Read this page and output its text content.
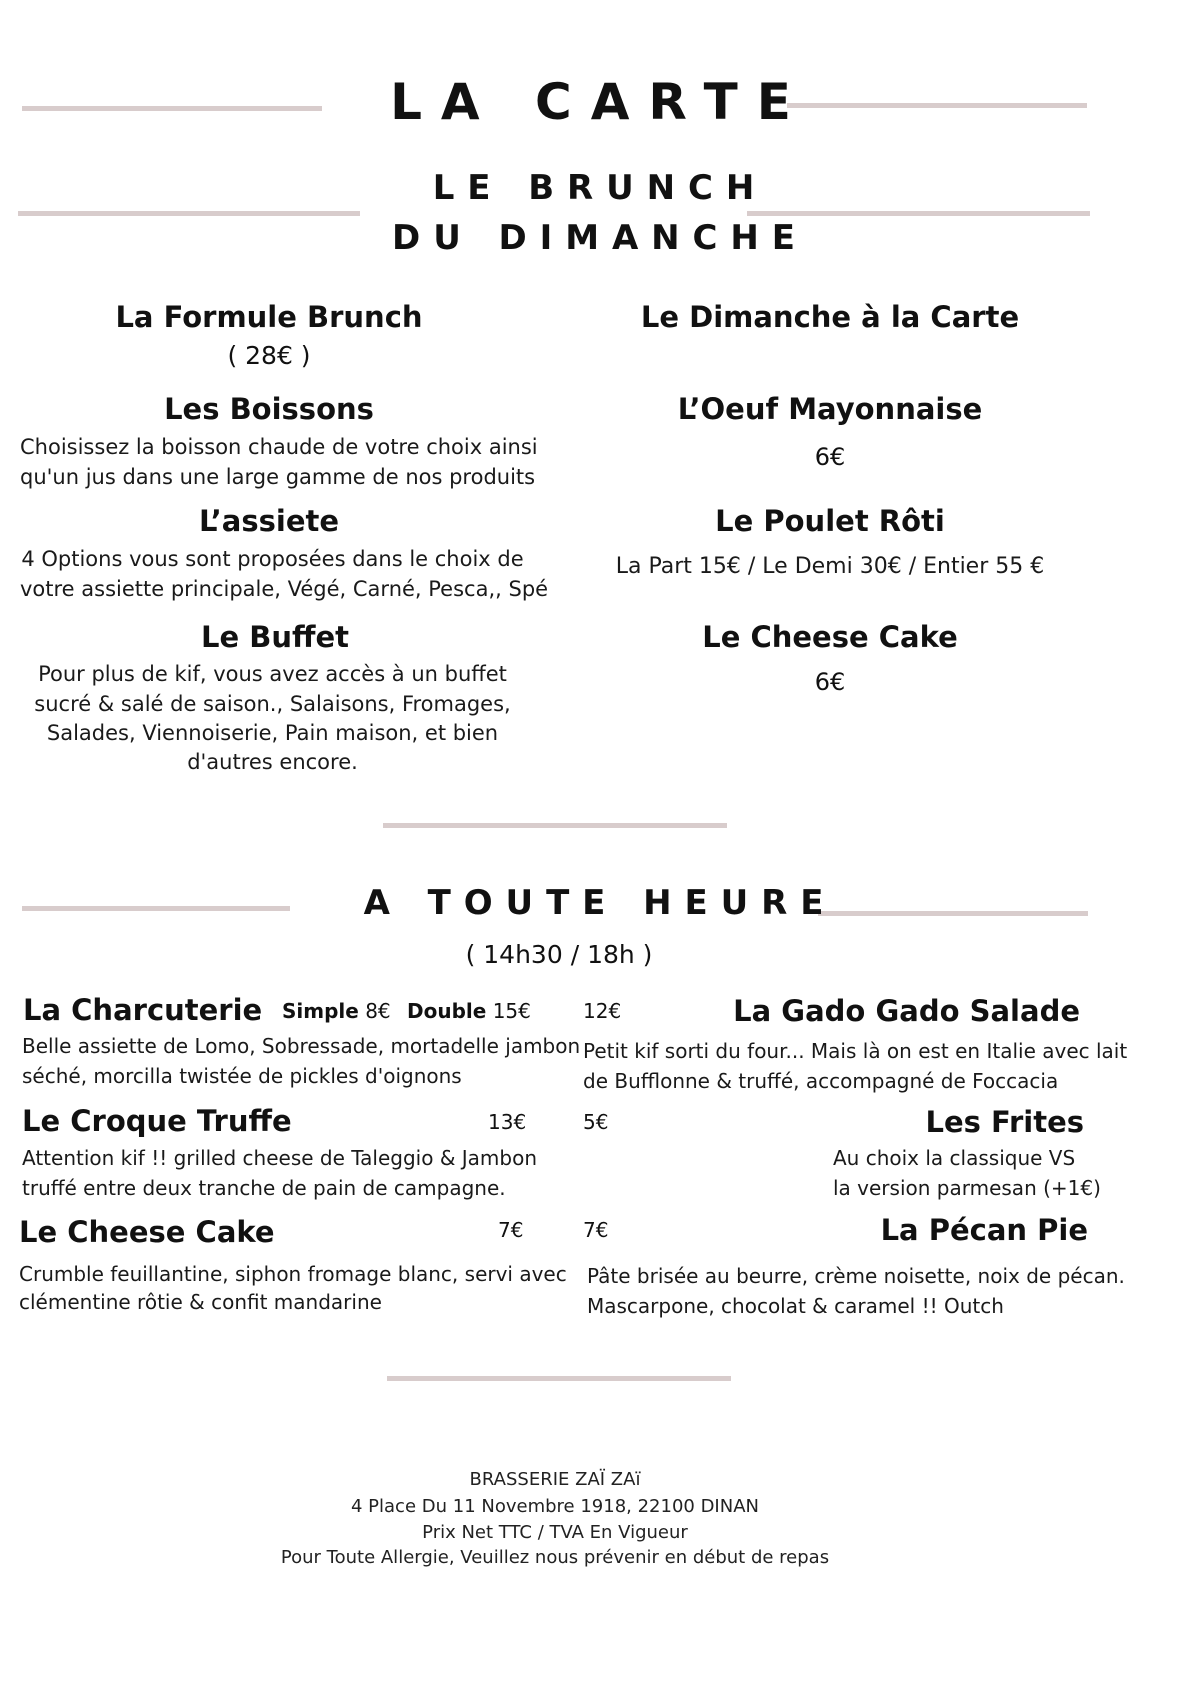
LA CARTE
LE BRUNCH
DU DIMANCHE
La Formule Brunch
( 28€ )
Les Boissons
Choisissez la boisson chaude de votre choix ainsi
qu'un jus dans une large gamme de nos produits
L’assiete
4 Options vous sont proposées dans le choix de
votre assiette principale, Végé, Carné, Pesca,, Spé
Le Buffet
Pour plus de kif, vous avez accès à un buffet
sucré & salé de saison., Salaisons, Fromages,
Salades, Viennoiserie, Pain maison, et bien
d'autres encore.
Le Dimanche à la Carte
L’Oeuf Mayonnaise
6€
Le Poulet Rôti
La Part 15€ / Le Demi 30€ / Entier 55 €
Le Cheese Cake
6€
A TOUTE HEURE
( 14h30 / 18h )
La Charcuterie Simple 8€ Double 15€
Belle assiette de Lomo, Sobressade, mortadelle jambon
séché, morcilla twistée de pickles d'oignons
Le Croque Truffe	13€
Attention kif !! grilled cheese de Taleggio & Jambon
truffé entre deux tranche de pain de campagne.
Le Cheese Cake	7€
Crumble feuillantine, siphon fromage blanc, servi avec
clémentine rôtie & confit mandarine
12€	La Gado Gado Salade
Petit kif sorti du four... Mais là on est en Italie avec lait
de Bufflonne & truffé, accompagné de Foccacia
5€	Les Frites
Au choix la classique VS
la version parmesan (+1€)
7€	La Pécan Pie
Pâte brisée au beurre, crème noisette, noix de pécan.
Mascarpone, chocolat & caramel !! Outch
BRASSERIE ZAÏ ZAï
4 Place Du 11 Novembre 1918, 22100 DINAN
Prix Net TTC / TVA En Vigueur
Pour Toute Allergie, Veuillez nous prévenir en début de repas
